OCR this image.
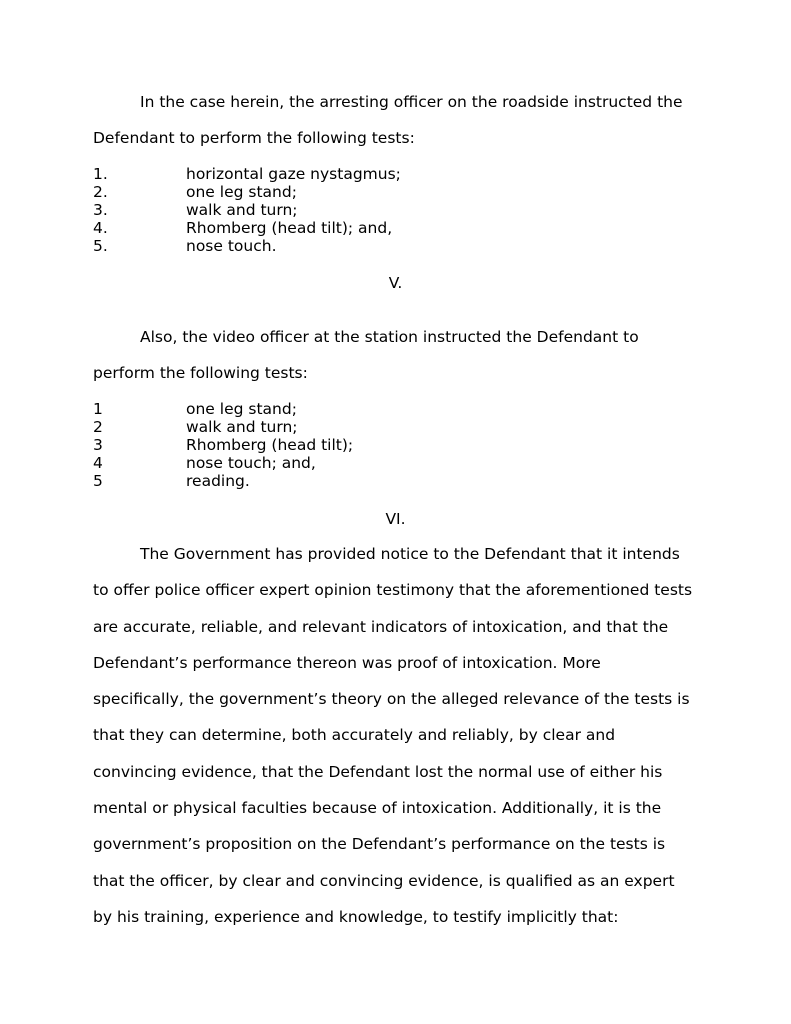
In the case herein, the arresting officer on the roadside instructed the
Defendant to perform the following tests:
1.	horizontal gaze nystagmus;
2.	one leg stand;
3.	walk and turn;
4.	Rhomberg (head tilt); and,
5.	nose touch.
V.
Also, the video officer at the station instructed the Defendant to
perform the following tests:
1	one leg stand;
2	walk and turn;
3	Rhomberg (head tilt);
4	nose touch; and,
5	reading.
VI.
The Government has provided notice to the Defendant that it intends
to offer police officer expert opinion testimony that the aforementioned tests
are accurate, reliable, and relevant indicators of intoxication, and that the
Defendant’s performance thereon was proof of intoxication. More
specifically, the government’s theory on the alleged relevance of the tests is
that they can determine, both accurately and reliably, by clear and
convincing evidence, that the Defendant lost the normal use of either his
mental or physical faculties because of intoxication. Additionally, it is the
government’s proposition on the Defendant’s performance on the tests is
that the officer, by clear and convincing evidence, is qualified as an expert
by his training, experience and knowledge, to testify implicitly that:
